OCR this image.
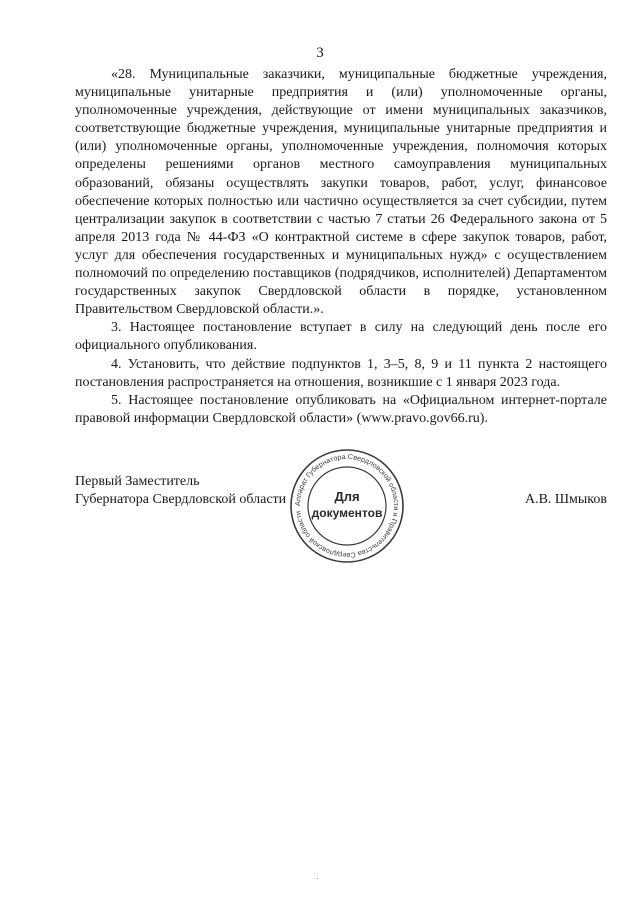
3

«28. Муниципальные заказчики, муниципальные бюджетные учреждения, муниципальные унитарные предприятия и (или) уполномоченные органы, уполномоченные учреждения, действующие от имени муниципальных заказчиков, соответствующие бюджетные учреждения, муниципальные унитарные предприятия и (или) уполномоченные органы, уполномоченные учреждения, полномочия которых определены решениями органов местного самоуправления муниципальных образований, обязаны осуществлять закупки товаров, работ, услуг, финансовое обеспечение которых полностью или частично осуществляется за счет субсидии, путем централизации закупок в соответствии с частью 7 статьи 26 Федерального закона от 5 апреля 2013 года № 44-ФЗ «О контрактной системе в сфере закупок товаров, работ, услуг для обеспечения государственных и муниципальных нужд» с осуществлением полномочий по определению поставщиков (подрядчиков, исполнителей) Департаментом государственных закупок Свердловской области в порядке, установленном Правительством Свердловской области.».

3. Настоящее постановление вступает в силу на следующий день после его официального опубликования.

4. Установить, что действие подпунктов 1, 3–5, 8, 9 и 11 пункта 2 настоящего постановления распространяется на отношения, возникшие с 1 января 2023 года.

5. Настоящее постановление опубликовать на «Официальном интернет-портале правовой информации Свердловской области» (www.pravo.gov66.ru).

Первый Заместитель
Губернатора Свердловской области	А.В. Шмыков
Аппарат Губернатора Свердловской области и Правительства Свердловской области
Для
документов
